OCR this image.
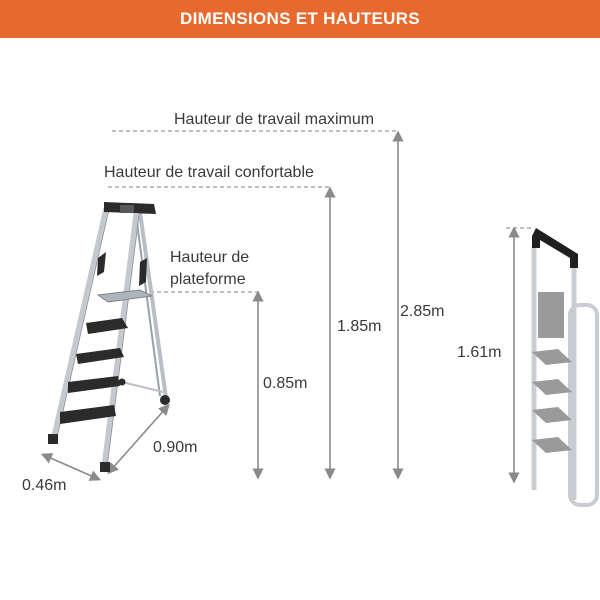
DIMENSIONS ET HAUTEURS
Hauteur de travail maximum
Hauteur de travail confortable
Hauteur de
plateforme
2.85m
1.85m
0.85m
0.90m
0.46m
1.61m
